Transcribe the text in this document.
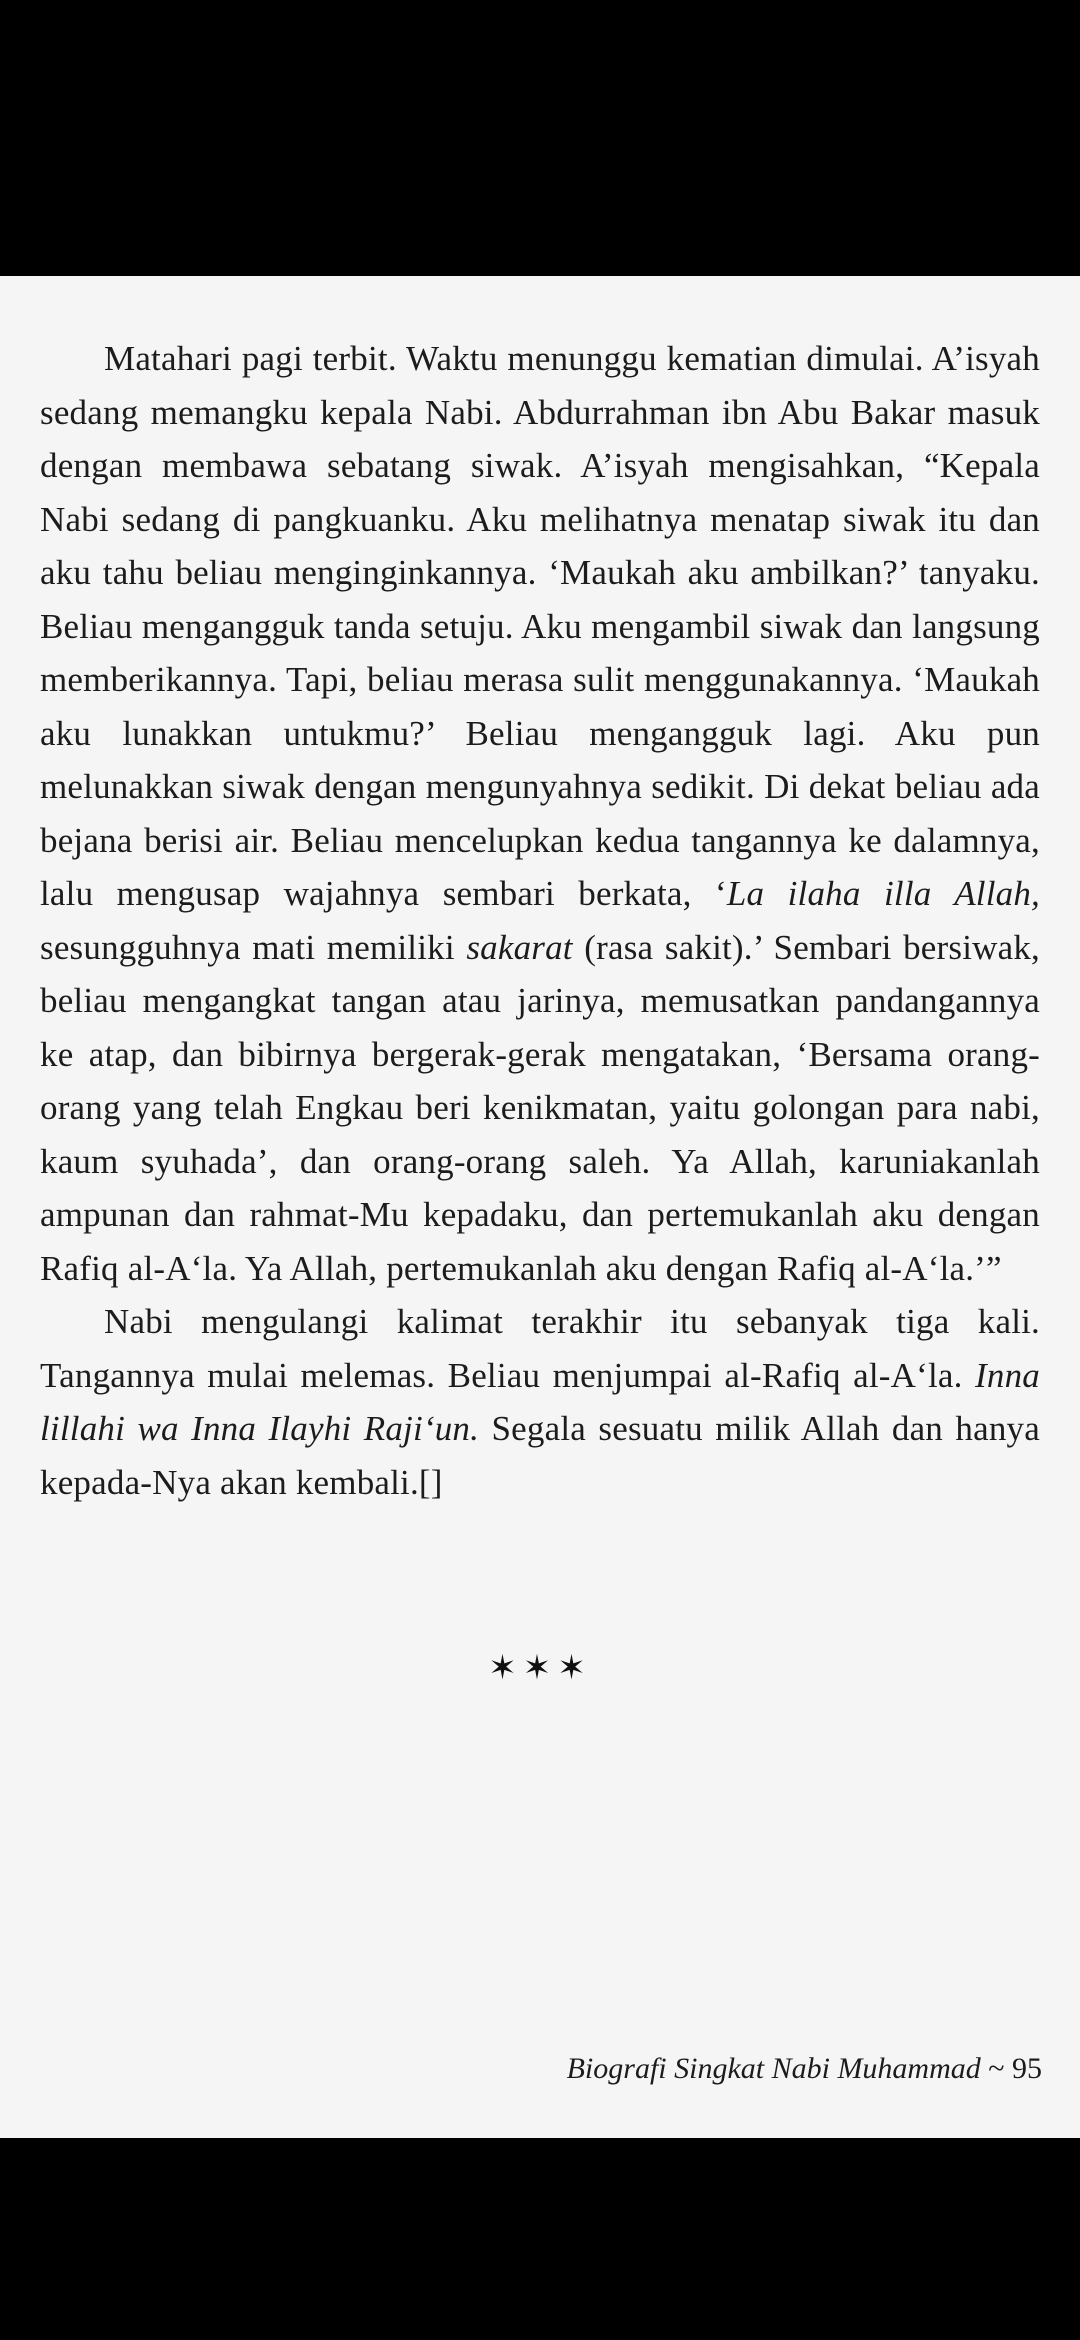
Matahari pagi terbit. Waktu menunggu kematian dimulai. A’isyah sedang memangku kepala Nabi. Abdurrahman ibn Abu Bakar masuk dengan membawa sebatang siwak. A’isyah mengisahkan, “Kepala Nabi sedang di pangkuanku. Aku melihatnya menatap siwak itu dan aku tahu beliau menginginkannya. ‘Maukah aku ambilkan?’ tanyaku. Beliau mengangguk tanda setuju. Aku mengambil siwak dan langsung memberikannya. Tapi, beliau merasa sulit menggunakannya. ‘Maukah aku lunakkan untukmu?’ Beliau mengangguk lagi. Aku pun melunakkan siwak dengan mengunyahnya sedikit. Di dekat beliau ada bejana berisi air. Beliau mencelupkan kedua tangannya ke dalamnya, lalu mengusap wajahnya sembari berkata, ‘La ilaha illa Allah, sesungguhnya mati memiliki sakarat (rasa sakit).’ Sembari bersiwak, beliau mengangkat tangan atau jarinya, memusatkan pandangannya ke atap, dan bibirnya bergerak-gerak mengatakan, ‘Bersama orang-orang yang telah Engkau beri kenikmatan, yaitu golongan para nabi, kaum syuhada’, dan orang-orang saleh. Ya Allah, karuniakanlah ampunan dan rahmat-Mu kepadaku, dan pertemukanlah aku dengan Rafiq al-A‘la. Ya Allah, pertemukanlah aku dengan Rafiq al-A‘la.’”

Nabi mengulangi kalimat terakhir itu sebanyak tiga kali. Tangannya mulai melemas. Beliau menjumpai al-Rafiq al-A‘la. Inna lillahi wa Inna Ilayhi Raji‘un. Segala sesuatu milik Allah dan hanya kepada-Nya akan kembali.[]

✶✶✶
Biografi Singkat Nabi Muhammad ~ 95
